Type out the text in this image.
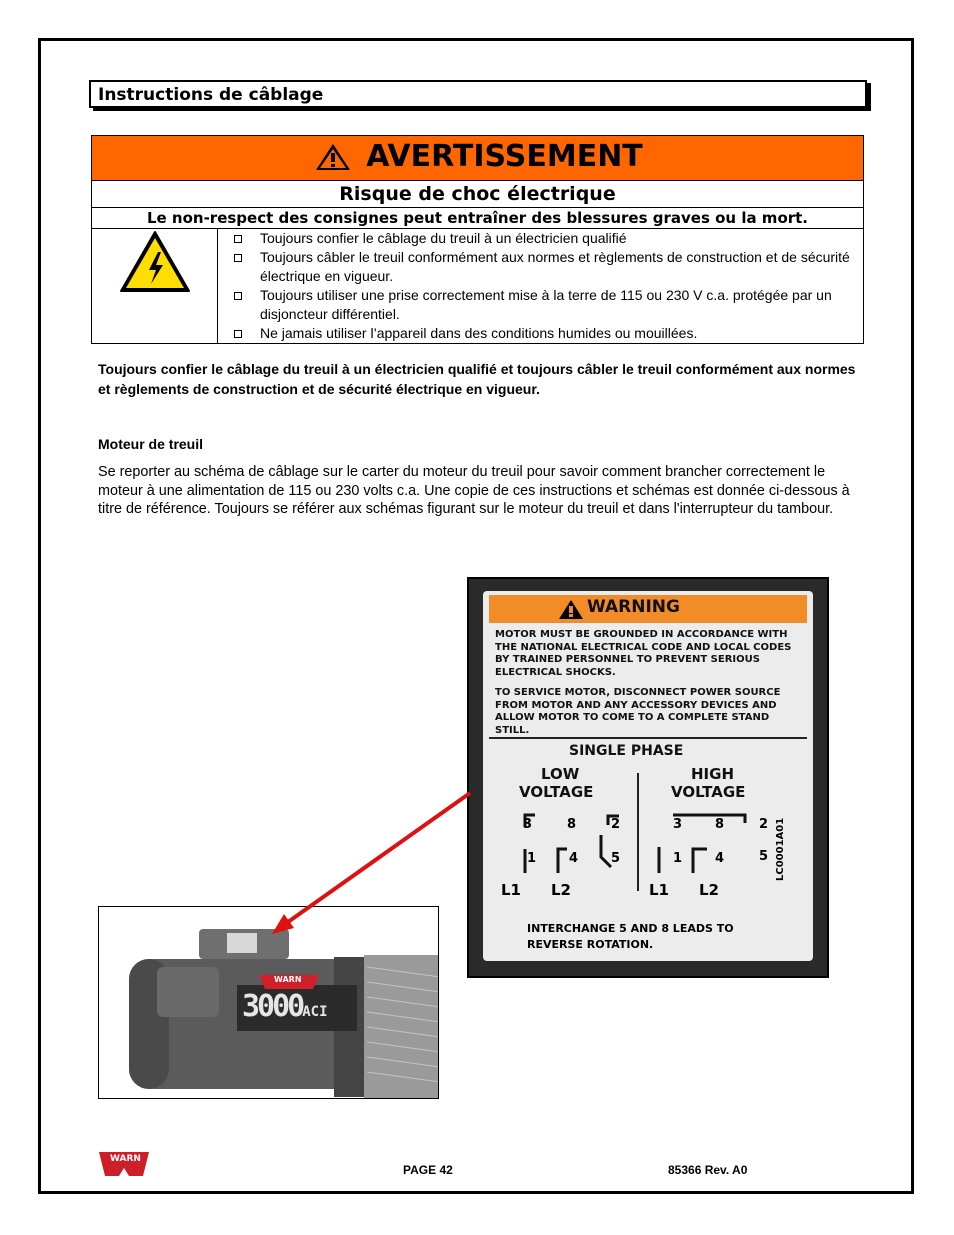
Instructions de câblage
AVERTISSEMENT

Risque de choc électrique
Le non-respect des consignes peut entraîner des blessures graves ou la mort.

Toujours confier le câblage du treuil à un électricien qualifié
Toujours câbler le treuil conformément aux normes et règlements de construction et de sécurité électrique en vigueur.
Toujours utiliser une prise correctement mise à la terre de 115 ou 230 V c.a. protégée par un disjoncteur différentiel.
Ne jamais utiliser l’appareil dans des conditions humides ou mouillées.
Toujours confier le câblage du treuil à un électricien qualifié et toujours câbler le treuil conformément aux normes et règlements de construction et de sécurité électrique en vigueur.
Moteur de treuil
Se reporter au schéma de câblage sur le carter du moteur du treuil pour savoir comment brancher correctement le moteur à une alimentation de 115 ou 230 volts c.a. Une copie de ces instructions et schémas est donnée ci-dessous à titre de référence. Toujours se référer aux schémas figurant sur le moteur du treuil et dans l'interrupteur du tambour.
WARNING
MOTOR MUST BE GROUNDED IN ACCORDANCE WITH THE NATIONAL ELECTRICAL CODE AND LOCAL CODES BY TRAINED PERSONNEL TO PREVENT SERIOUS ELECTRICAL SHOCKS.
TO SERVICE MOTOR, DISCONNECT POWER SOURCE FROM MOTOR AND ANY ACCESSORY DEVICES AND ALLOW MOTOR TO COME TO A COMPLETE STAND STILL.
SINGLE PHASE
LOW
VOLTAGE
HIGH
VOLTAGE
3	8	2
1	4	5
L1 L2
3	8	2
1	4	5
L1 L2
LC0001A01
INTERCHANGE 5 AND 8 LEADS TO REVERSE ROTATION.
WARN
3000ACI
WARN
PAGE 42	85366 Rev. A0
